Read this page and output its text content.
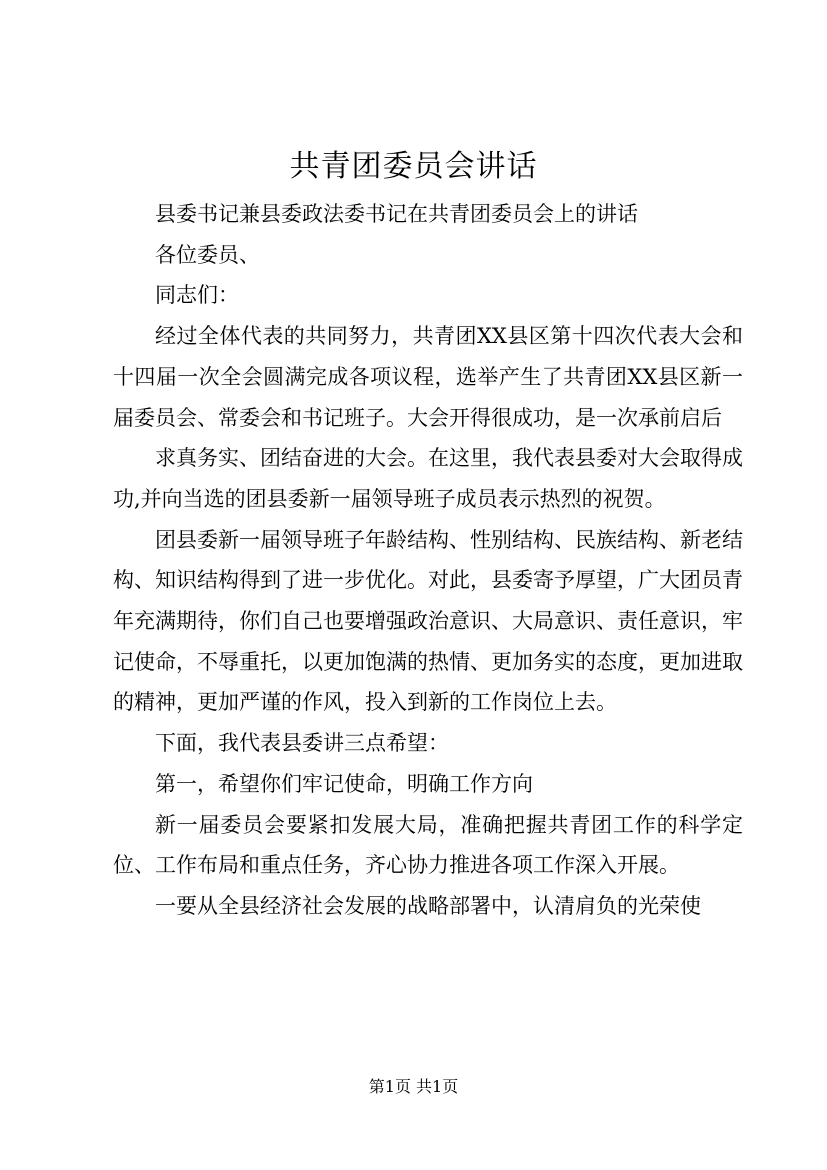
共青团委员会讲话

县委书记兼县委政法委书记在共青团委员会上的讲话

各位委员、

同志们：

经过全体代表的共同努力，共青团XX县区第十四次代表大会和十四届一次全会圆满完成各项议程，选举产生了共青团XX县区新一届委员会、常委会和书记班子。大会开得很成功，是一次承前启后

求真务实、团结奋进的大会。在这里，我代表县委对大会取得成功,并向当选的团县委新一届领导班子成员表示热烈的祝贺。

团县委新一届领导班子年龄结构、性别结构、民族结构、新老结构、知识结构得到了进一步优化。对此，县委寄予厚望，广大团员青年充满期待，你们自己也要增强政治意识、大局意识、责任意识，牢记使命，不辱重托，以更加饱满的热情、更加务实的态度，更加进取的精神，更加严谨的作风，投入到新的工作岗位上去。

下面，我代表县委讲三点希望：

第一，希望你们牢记使命，明确工作方向

新一届委员会要紧扣发展大局，准确把握共青团工作的科学定位、工作布局和重点任务，齐心协力推进各项工作深入开展。

一要从全县经济社会发展的战略部署中，认清肩负的光荣使

第1页 共1页
